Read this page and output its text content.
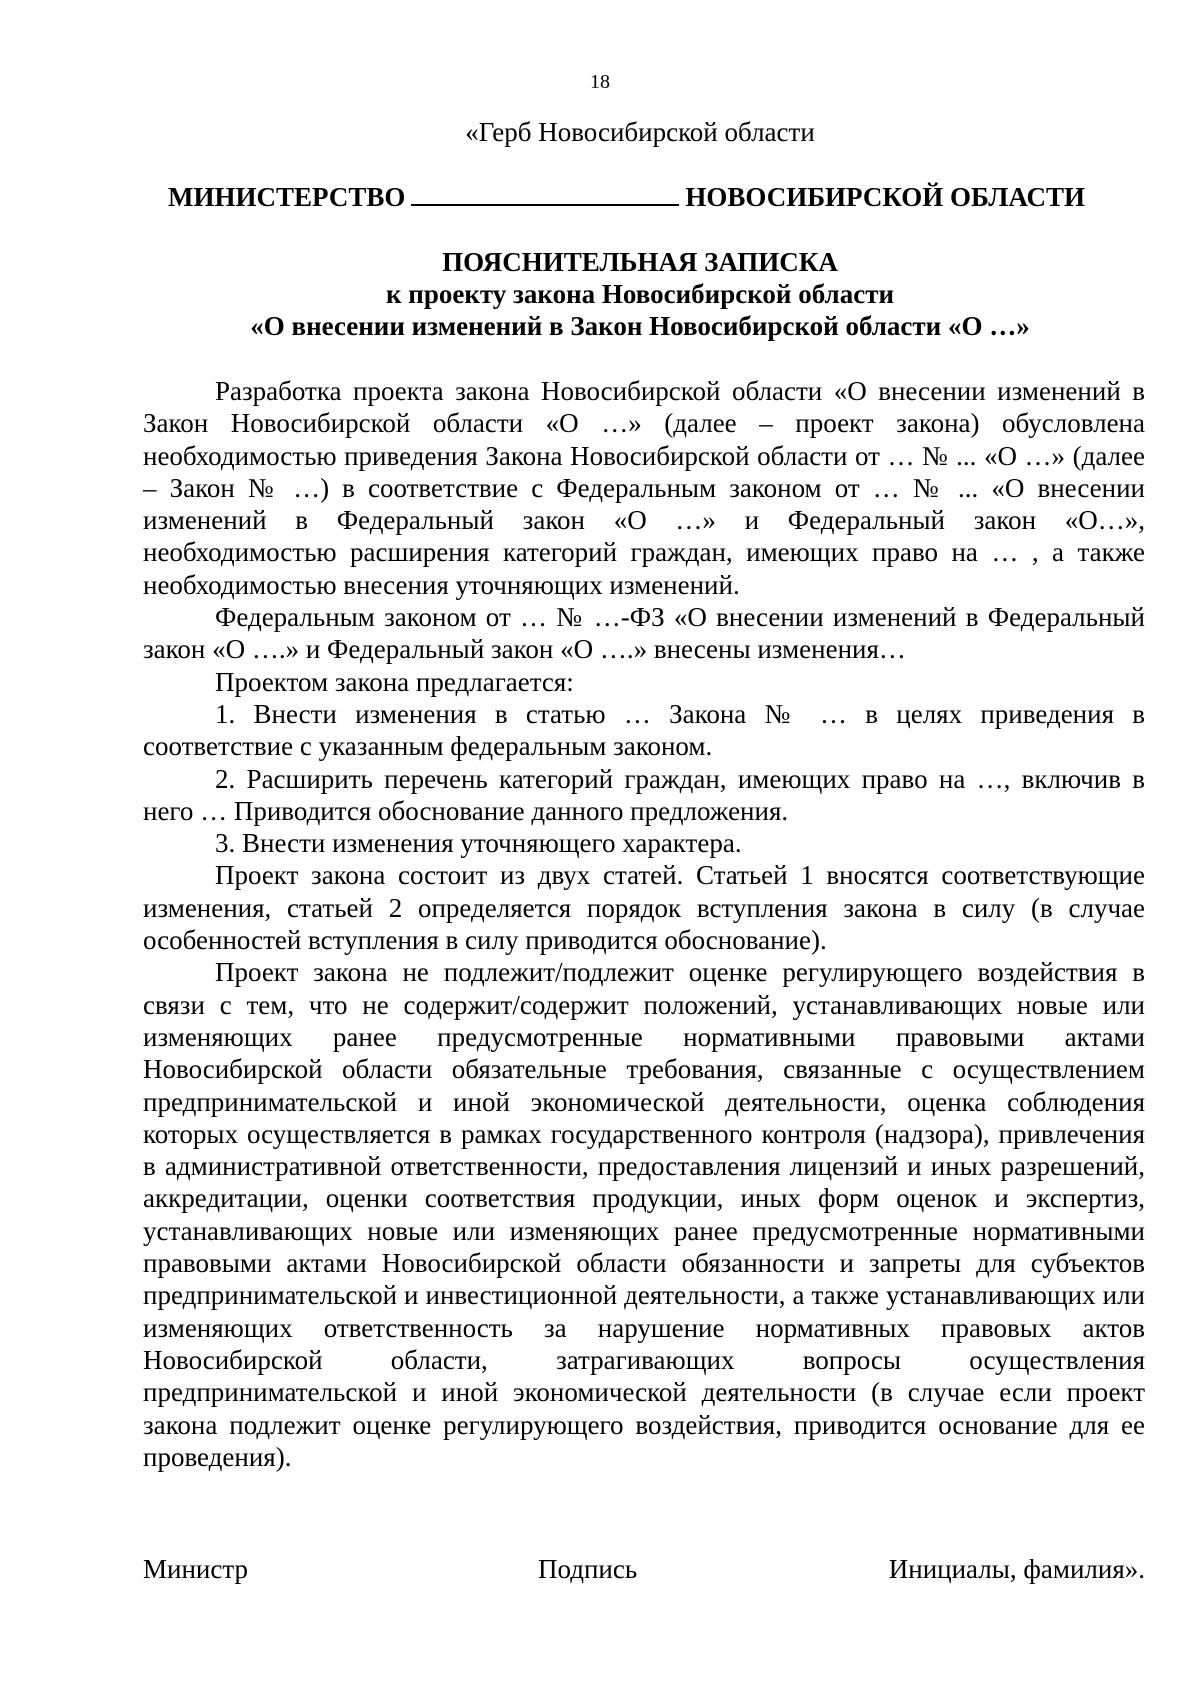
18
«Герб Новосибирской области
МИНИСТЕРСТВО	НОВОСИБИРСКОЙ ОБЛАСТИ
ПОЯСНИТЕЛЬНАЯ ЗАПИСКА
к проекту закона Новосибирской области
«О внесении изменений в Закон Новосибирской области «О …»

Разработка проекта закона Новосибирской области «О внесении изменений в Закон Новосибирской области «О …» (далее – проект закона) обусловлена необходимостью приведения Закона Новосибирской области от … № ... «О …» (далее – Закон № …) в соответствие с Федеральным законом от … № ... «О внесении изменений в Федеральный закон «О …» и Федеральный закон «О…», необходимостью расширения категорий граждан, имеющих право на … , а также необходимостью внесения уточняющих изменений.

Федеральным законом от … № …-ФЗ «О внесении изменений в Федеральный закон «О ….» и Федеральный закон «О ….» внесены изменения…

Проектом закона предлагается:

1. Внести изменения в статью … Закона № … в целях приведения в соответствие с указанным федеральным законом.

2. Расширить перечень категорий граждан, имеющих право на …, включив в него … Приводится обоснование данного предложения.

3. Внести изменения уточняющего характера.

Проект закона состоит из двух статей. Статьей 1 вносятся соответствующие изменения, статьей 2 определяется порядок вступления закона в силу (в случае особенностей вступления в силу приводится обоснование).

Проект закона не подлежит/подлежит оценке регулирующего воздействия в связи с тем, что не содержит/содержит положений, устанавливающих новые или изменяющих ранее предусмотренные нормативными правовыми актами Новосибирской области обязательные требования, связанные с осуществлением предпринимательской и иной экономической деятельности, оценка соблюдения которых осуществляется в рамках государственного контроля (надзора), привлечения в административной ответственности, предоставления лицензий и иных разрешений, аккредитации, оценки соответствия продукции, иных форм оценок и экспертиз, устанавливающих новые или изменяющих ранее предусмотренные нормативными правовыми актами Новосибирской области обязанности и запреты для субъектов предпринимательской и инвестиционной деятельности, а также устанавливающих или изменяющих ответственность за нарушение нормативных правовых актов Новосибирской области, затрагивающих вопросы осуществления предпринимательской и иной экономической деятельности (в случае если проект закона подлежит оценке регулирующего воздействия, приводится основание для ее проведения).

Министр	Подпись	Инициалы, фамилия».
